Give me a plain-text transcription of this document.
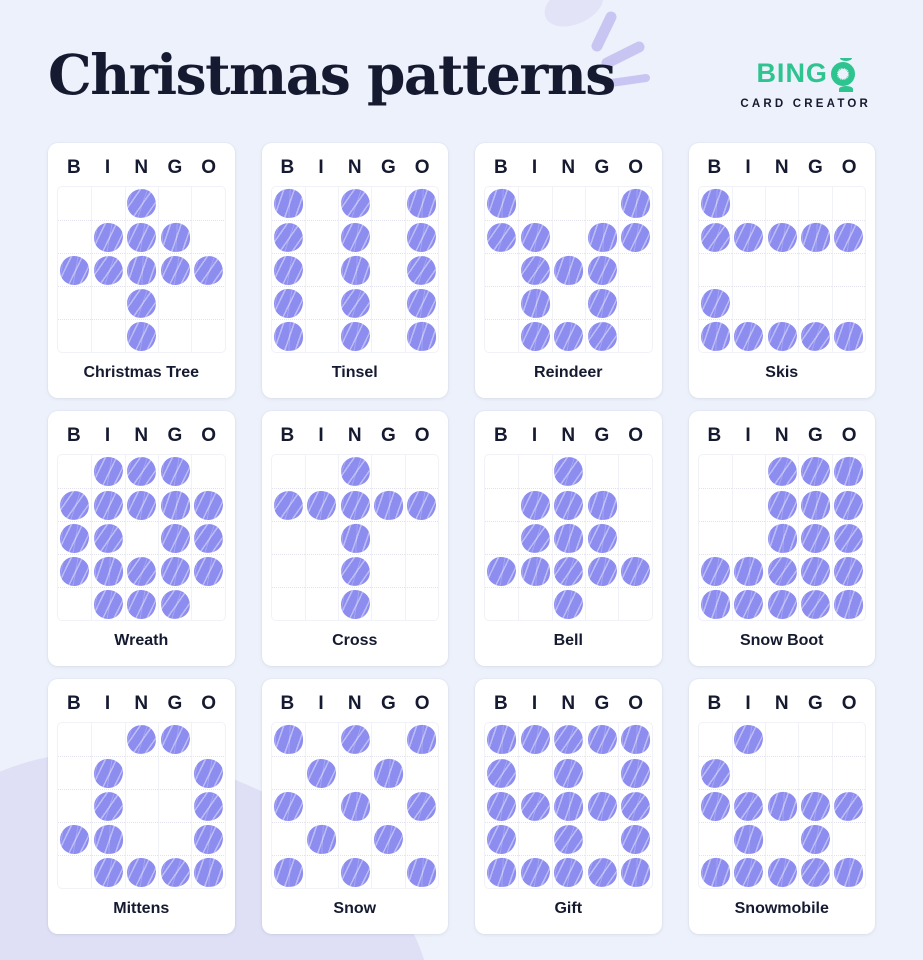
Christmas patterns	BING
CARD CREATOR
B	I	N	G O
Christmas Tree
B	I	N	G O
Tinsel
B	I	N	G O
Reindeer
B	I	N	G O
Skis
B	I	N	G O
Wreath
B	I	N	G O
Cross
B	I	N	G O
Bell
B	I	N	G O
Snow Boot
B	I	N	G O
Mittens
B	I	N	G O
Snow
B	I	N	G O
Gift
B	I	N	G O
Snowmobile
